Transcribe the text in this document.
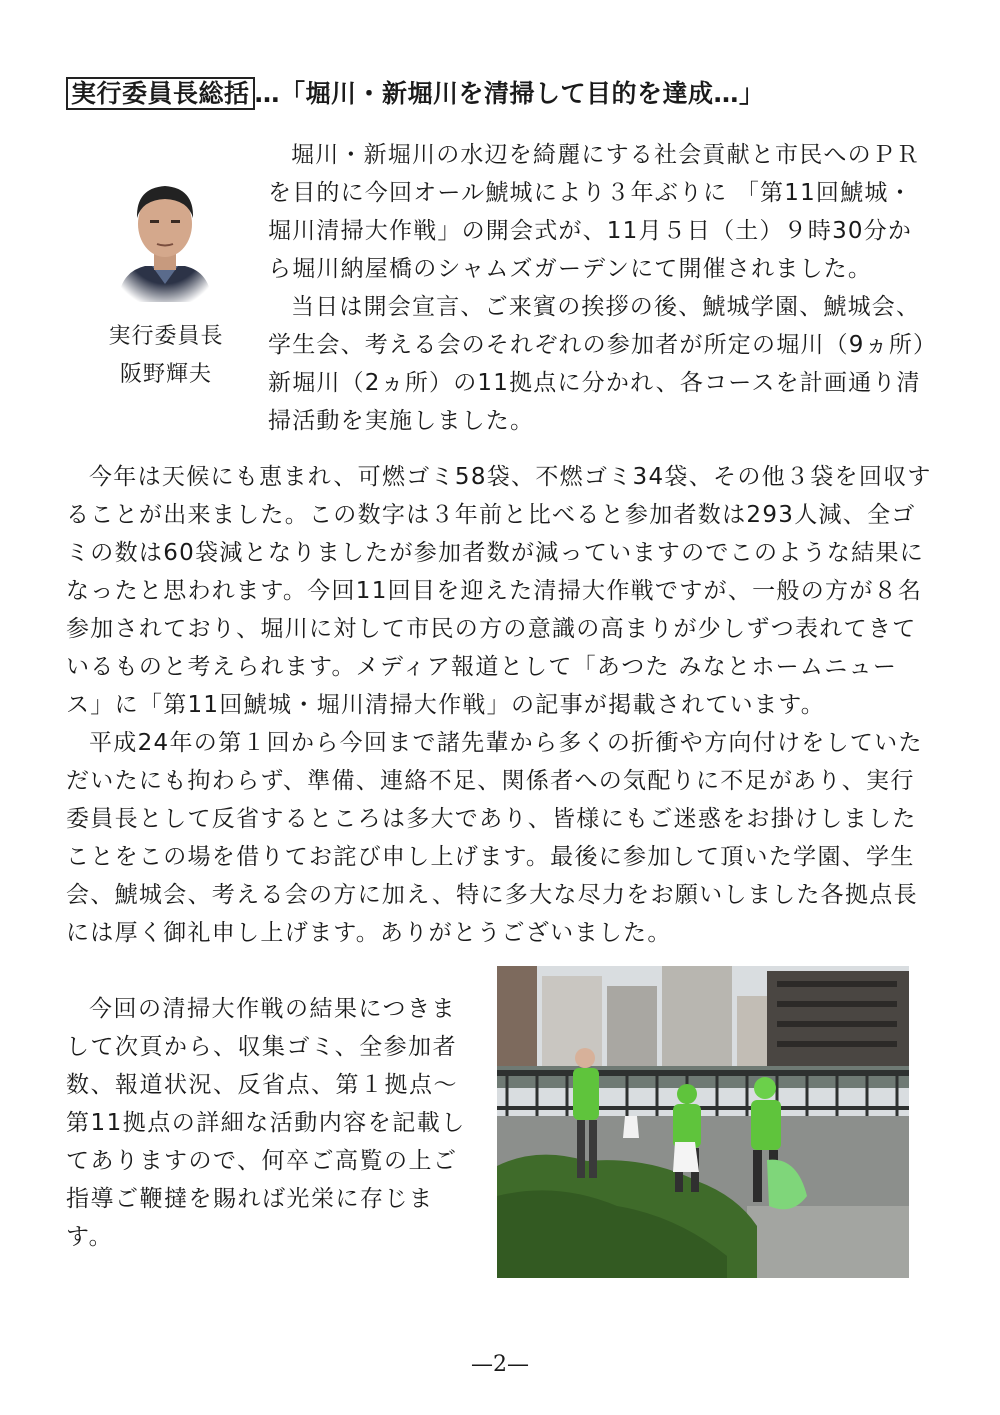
実行委員長総括 …「堀川・新堀川を清掃して目的を達成…」
実行委員長
阪野輝夫

堀川・新堀川の水辺を綺麗にする社会貢献と市民へのＰＲを目的に今回オール鯱城により３年ぶりに 「第11回鯱城・堀川清掃大作戦」の開会式が、11月５日（土）９時30分から堀川納屋橋のシャムズガーデンにて開催されました。

当日は開会宣言、ご来賓の挨拶の後、鯱城学園、鯱城会、学生会、考える会のそれぞれの参加者が所定の堀川（9ヵ所）新堀川（2ヵ所）の11拠点に分かれ、各コースを計画通り清掃活動を実施しました。

今年は天候にも恵まれ、可燃ゴミ58袋、不燃ゴミ34袋、その他３袋を回収することが出来ました。この数字は３年前と比べると参加者数は293人減、全ゴミの数は60袋減となりましたが参加者数が減っていますのでこのような結果になったと思われます。今回11回目を迎えた清掃大作戦ですが、一般の方が８名参加されており、堀川に対して市民の方の意識の高まりが少しずつ表れてきているものと考えられます。メディア報道として「あつた みなとホームニュース」に「第11回鯱城・堀川清掃大作戦」の記事が掲載されています。

平成24年の第１回から今回まで諸先輩から多くの折衝や方向付けをしていただいたにも拘わらず、準備、連絡不足、関係者への気配りに不足があり、実行委員長として反省するところは多大であり、皆様にもご迷惑をお掛けしましたことをこの場を借りてお詫び申し上げます。最後に参加して頂いた学園、学生会、鯱城会、考える会の方に加え、特に多大な尽力をお願いしました各拠点長には厚く御礼申し上げます。ありがとうございました。

今回の清掃大作戦の結果につきまして次頁から、収集ゴミ、全参加者数、報道状況、反省点、第１拠点～第11拠点の詳細な活動内容を記載してありますので、何卒ご高覧の上ご指導ご鞭撻を賜れば光栄に存じます。

—2—
